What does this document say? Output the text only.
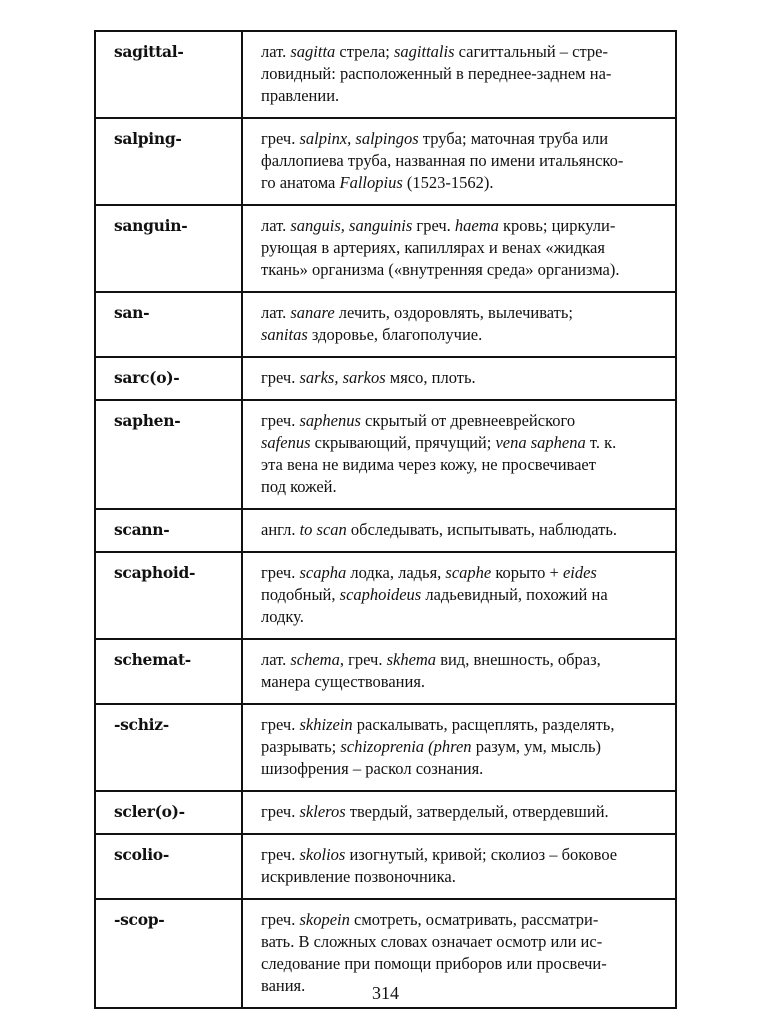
sagittal-	лат. sagitta стрела; sagittalis сагиттальный – стре-
ловидный: расположенный в переднее-заднем на-
правлении.

salping-	греч. salpinx, salpingos труба; маточная труба или
фаллопиева труба, названная по имени итальянско-
го анатома Fallopius (1523-1562).

sanguin-	лат. sanguis, sanguinis греч. haema кровь; циркули-
рующая в артериях, капиллярах и венах «жидкая
ткань» организма («внутренняя среда» организма).

san-	лат. sanare лечить, оздоровлять, вылечивать;
sanitas здоровье, благополучие.

sarc(o)-	греч. sarks, sarkos мясо, плоть.

saphen-	греч. saphenus скрытый от древнееврейского
safenus скрывающий, прячущий; vena saphena т. к.
эта вена не видима через кожу, не просвечивает
под кожей.

scann-	англ. to scan обследывать, испытывать, наблюдать.

scaphoid-	греч. scapha лодка, ладья, scaphe корыто + eides
подобный, scaphoideus ладьевидный, похожий на
лодку.

schemat-	лат. schema, греч. skhema вид, внешность, образ,
манера существования.

-schiz-	греч. skhizein раскалывать, расщеплять, разделять,
разрывать; schizoprenia (phren разум, ум, мысль)
шизофрения – раскол сознания.

scler(o)-	греч. skleros твердый, затверделый, отвердевший.

scolio-	греч. skolios изогнутый, кривой; сколиоз – боковое
искривление позвоночника.

-scop-	греч. skopein смотреть, осматривать, рассматри-
вать. В сложных словах означает осмотр или ис-
следование при помощи приборов или просвечи-
вания.	314
